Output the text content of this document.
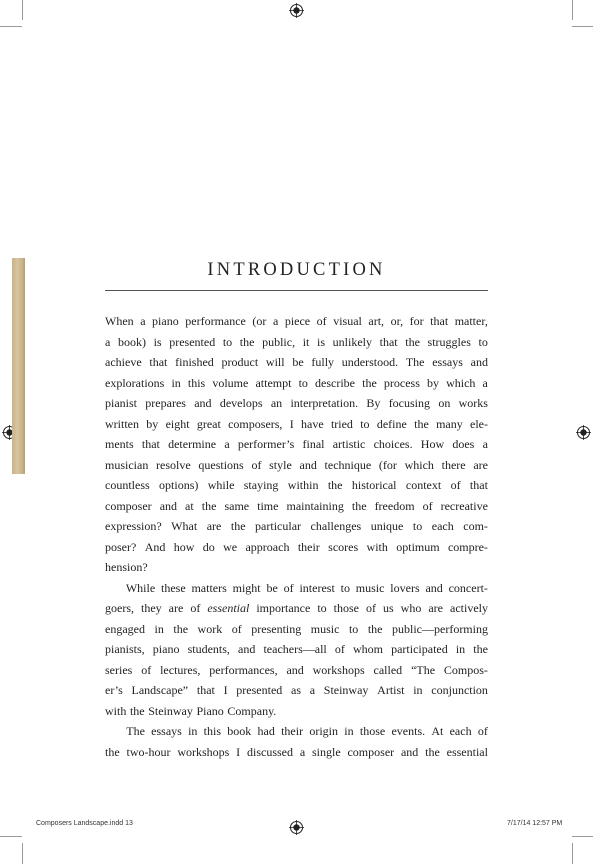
INTRODUCTION
When a piano performance (or a piece of visual art, or, for that matter,
a book) is presented to the public, it is unlikely that the struggles to
achieve that finished product will be fully understood. The essays and
explorations in this volume attempt to describe the process by which a
pianist prepares and develops an interpretation. By focusing on works
written by eight great composers, I have tried to define the many ele-
ments that determine a performer’s final artistic choices. How does a
musician resolve questions of style and technique (for which there are
countless options) while staying within the historical context of that
composer and at the same time maintaining the freedom of recreative
expression? What are the particular challenges unique to each com-
poser? And how do we approach their scores with optimum compre-
hension?
While these matters might be of interest to music lovers and concert-
goers, they are of essential importance to those of us who are actively
engaged in the work of presenting music to the public—performing
pianists, piano students, and teachers—all of whom participated in the
series of lectures, performances, and workshops called “The Compos-
er’s Landscape” that I presented as a Steinway Artist in conjunction
with the Steinway Piano Company.
The essays in this book had their origin in those events. At each of
the two-hour workshops I discussed a single composer and the essential
Composers Landscape.indd 13	7/17/14 12:57 PM
